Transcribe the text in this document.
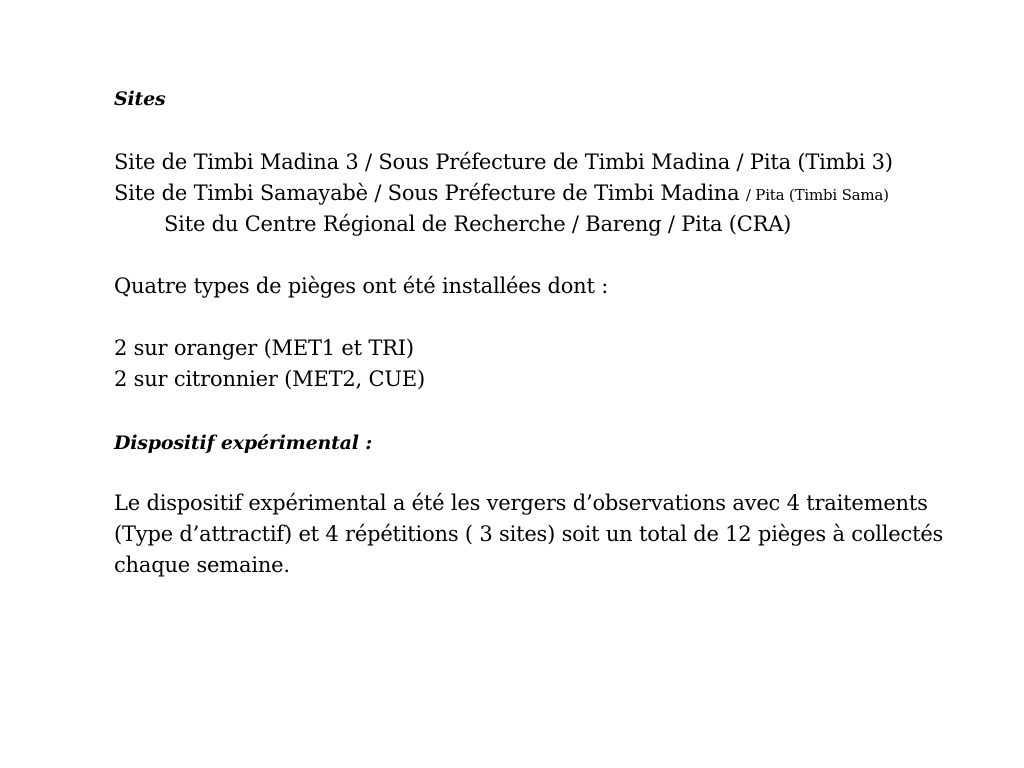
Sites

Site de Timbi Madina 3 / Sous Préfecture de Timbi Madina / Pita (Timbi 3)

Site de Timbi Samayabè / Sous Préfecture de Timbi Madina / Pita (Timbi Sama)

Site du Centre Régional de Recherche / Bareng / Pita (CRA)

Quatre types de pièges ont été installées dont :

2 sur oranger (MET1 et TRI)

2 sur citronnier (MET2, CUE)

Dispositif expérimental :

Le dispositif expérimental a été les vergers d’observations avec 4 traitements (Type d’attractif) et 4 répétitions ( 3 sites) soit un total de 12 pièges à collectés chaque semaine.
